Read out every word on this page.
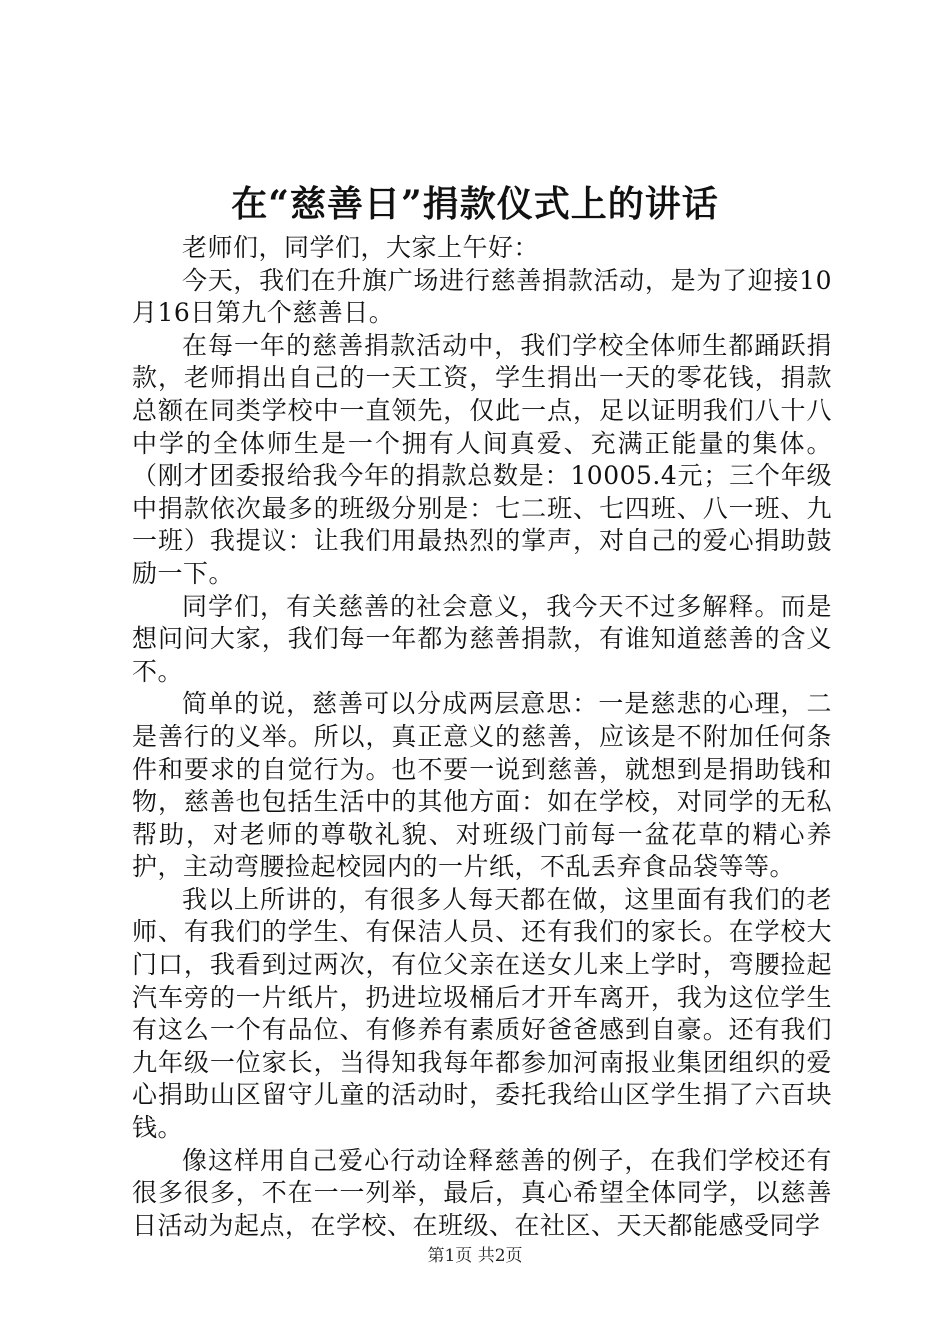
在“慈善日”捐款仪式上的讲话

老师们，同学们，大家上午好：

今天，我们在升旗广场进行慈善捐款活动，是为了迎接10月16日第九个慈善日。

在每一年的慈善捐款活动中，我们学校全体师生都踊跃捐款，老师捐出自己的一天工资，学生捐出一天的零花钱，捐款总额在同类学校中一直领先，仅此一点，足以证明我们八十八中学的全体师生是一个拥有人间真爱、充满正能量的集体。（刚才团委报给我今年的捐款总数是：10005.4元；三个年级中捐款依次最多的班级分别是：七二班、七四班、八一班、九一班）我提议：让我们用最热烈的掌声，对自己的爱心捐助鼓励一下。

同学们，有关慈善的社会意义，我今天不过多解释。而是想问问大家，我们每一年都为慈善捐款，有谁知道慈善的含义不。

简单的说，慈善可以分成两层意思：一是慈悲的心理，二是善行的义举。所以，真正意义的慈善，应该是不附加任何条件和要求的自觉行为。也不要一说到慈善，就想到是捐助钱和物，慈善也包括生活中的其他方面：如在学校，对同学的无私帮助，对老师的尊敬礼貌、对班级门前每一盆花草的精心养护，主动弯腰捡起校园内的一片纸，不乱丢弃食品袋等等。

我以上所讲的，有很多人每天都在做，这里面有我们的老师、有我们的学生、有保洁人员、还有我们的家长。在学校大门口，我看到过两次，有位父亲在送女儿来上学时，弯腰捡起汽车旁的一片纸片，扔进垃圾桶后才开车离开，我为这位学生有这么一个有品位、有修养有素质好爸爸感到自豪。还有我们九年级一位家长，当得知我每年都参加河南报业集团组织的爱心捐助山区留守儿童的活动时，委托我给山区学生捐了六百块钱。

像这样用自己爱心行动诠释慈善的例子，在我们学校还有很多很多，不在一一列举，最后，真心希望全体同学，以慈善日活动为起点，在学校、在班级、在社区、天天都能感受同学

第1页 共2页
